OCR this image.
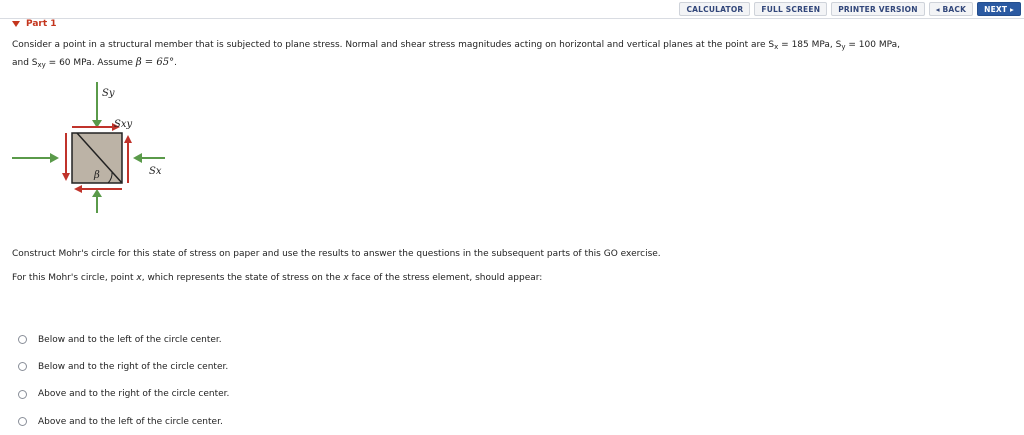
CALCULATOR	FULL SCREEN	PRINTER VERSION	◂ BACK	NEXT ▸
Part 1
Consider a point in a structural member that is subjected to plane stress. Normal and shear stress magnitudes acting on horizontal and vertical planes at the point are $S_x = 185$ MPa, $S_y = 100$ MPa,
and $S_{xy} = 60$ MPa. Assume β = 65°.
β
Sy
Sx
Sxy
Construct Mohr's circle for this state of stress on paper and use the results to answer the questions in the subsequent parts of this GO exercise.
For this Mohr's circle, point x, which represents the state of stress on the x face of the stress element, should appear:
Below and to the left of the circle center.
Below and to the right of the circle center.
Above and to the right of the circle center.
Above and to the left of the circle center.
